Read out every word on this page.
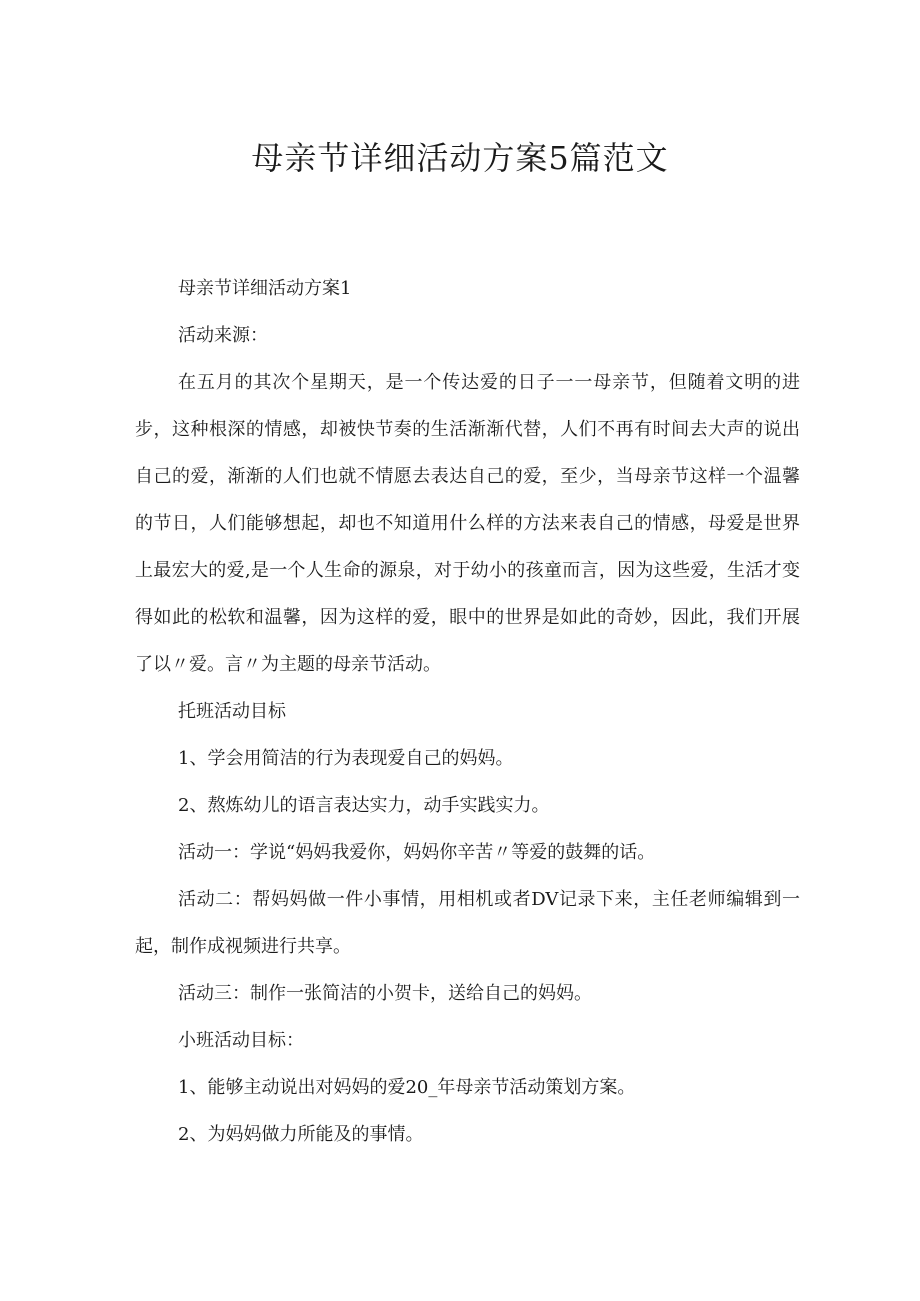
母亲节详细活动方案5篇范文

母亲节详细活动方案1

活动来源：

在五月的其次个星期天，是一个传达爱的日子一一母亲节，但随着文明的进步，这种根深的情感，却被快节奏的生活渐渐代替，人们不再有时间去大声的说出自己的爱，渐渐的人们也就不情愿去表达自己的爱，至少，当母亲节这样一个温馨的节日，人们能够想起，却也不知道用什么样的方法来表自己的情感，母爱是世界上最宏大的爱,是一个人生命的源泉，对于幼小的孩童而言，因为这些爱，生活才变得如此的松软和温馨，因为这样的爱，眼中的世界是如此的奇妙，因此，我们开展了以〃爱。言〃为主题的母亲节活动。

托班活动目标

1、学会用简洁的行为表现爱自己的妈妈。

2、熬炼幼儿的语言表达实力，动手实践实力。

活动一：学说“妈妈我爱你，妈妈你辛苦〃等爱的鼓舞的话。

活动二：帮妈妈做一件小事情，用相机或者DV记录下来，主任老师编辑到一起，制作成视频进行共享。

活动三：制作一张简洁的小贺卡，送给自己的妈妈。

小班活动目标：

1、能够主动说出对妈妈的爱20_年母亲节活动策划方案。

2、为妈妈做力所能及的事情。
